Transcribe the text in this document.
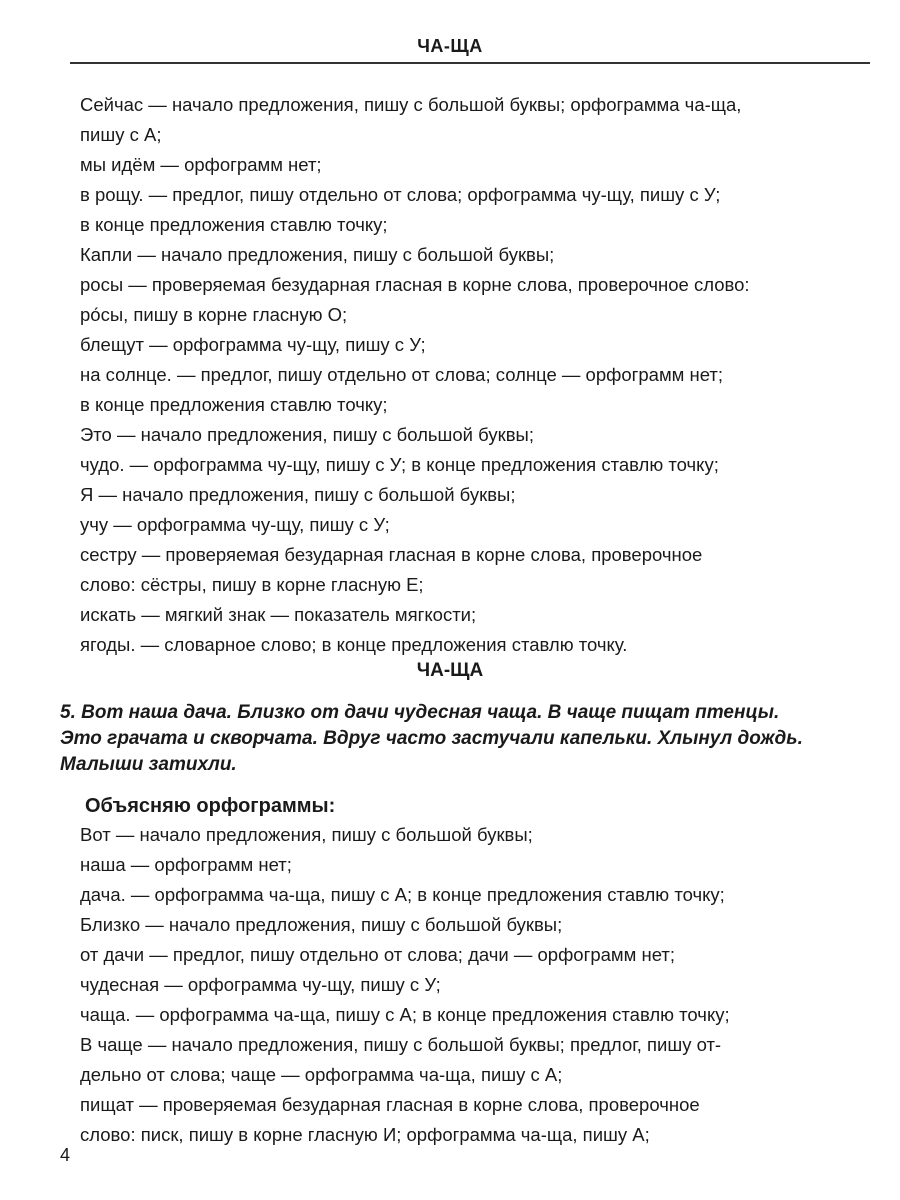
ЧА-ЩА
Сейчас — начало предложения, пишу с большой буквы; орфограмма ча-ща,
пишу с А;
мы идём — орфограмм нет;
в рощу. — предлог, пишу отдельно от слова; орфограмма чу-щу, пишу с У;
в конце предложения ставлю точку;
Капли — начало предложения, пишу с большой буквы;
росы — проверяемая безударная гласная в корне слова, проверочное слово:
ро́сы, пишу в корне гласную О;
блещут — орфограмма чу-щу, пишу с У;
на солнце. — предлог, пишу отдельно от слова; солнце — орфограмм нет;
в конце предложения ставлю точку;
Это — начало предложения, пишу с большой буквы;
чудо. — орфограмма чу-щу, пишу с У; в конце предложения ставлю точку;
Я — начало предложения, пишу с большой буквы;
учу — орфограмма чу-щу, пишу с У;
сестру — проверяемая безударная гласная в корне слова, проверочное
слово: сёстры, пишу в корне гласную Е;
искать — мягкий знак — показатель мягкости;
ягоды. — словарное слово; в конце предложения ставлю точку.
ЧА-ЩА
5. Вот наша дача. Близко от дачи чудесная чаща. В чаще пищат птенцы.
Это грачата и скворчата. Вдруг часто застучали капельки. Хлынул дождь.
Малыши затихли.
Объясняю орфограммы:
Вот — начало предложения, пишу с большой буквы;
наша — орфограмм нет;
дача. — орфограмма ча-ща, пишу с А; в конце предложения ставлю точку;
Близко — начало предложения, пишу с большой буквы;
от дачи — предлог, пишу отдельно от слова; дачи — орфограмм нет;
чудесная — орфограмма чу-щу, пишу с У;
чаща. — орфограмма ча-ща, пишу с А; в конце предложения ставлю точку;
В чаще — начало предложения, пишу с большой буквы; предлог, пишу от-
дельно от слова; чаще — орфограмма ча-ща, пишу с А;
пищат — проверяемая безударная гласная в корне слова, проверочное
слово: писк, пишу в корне гласную И; орфограмма ча-ща, пишу А;
4
